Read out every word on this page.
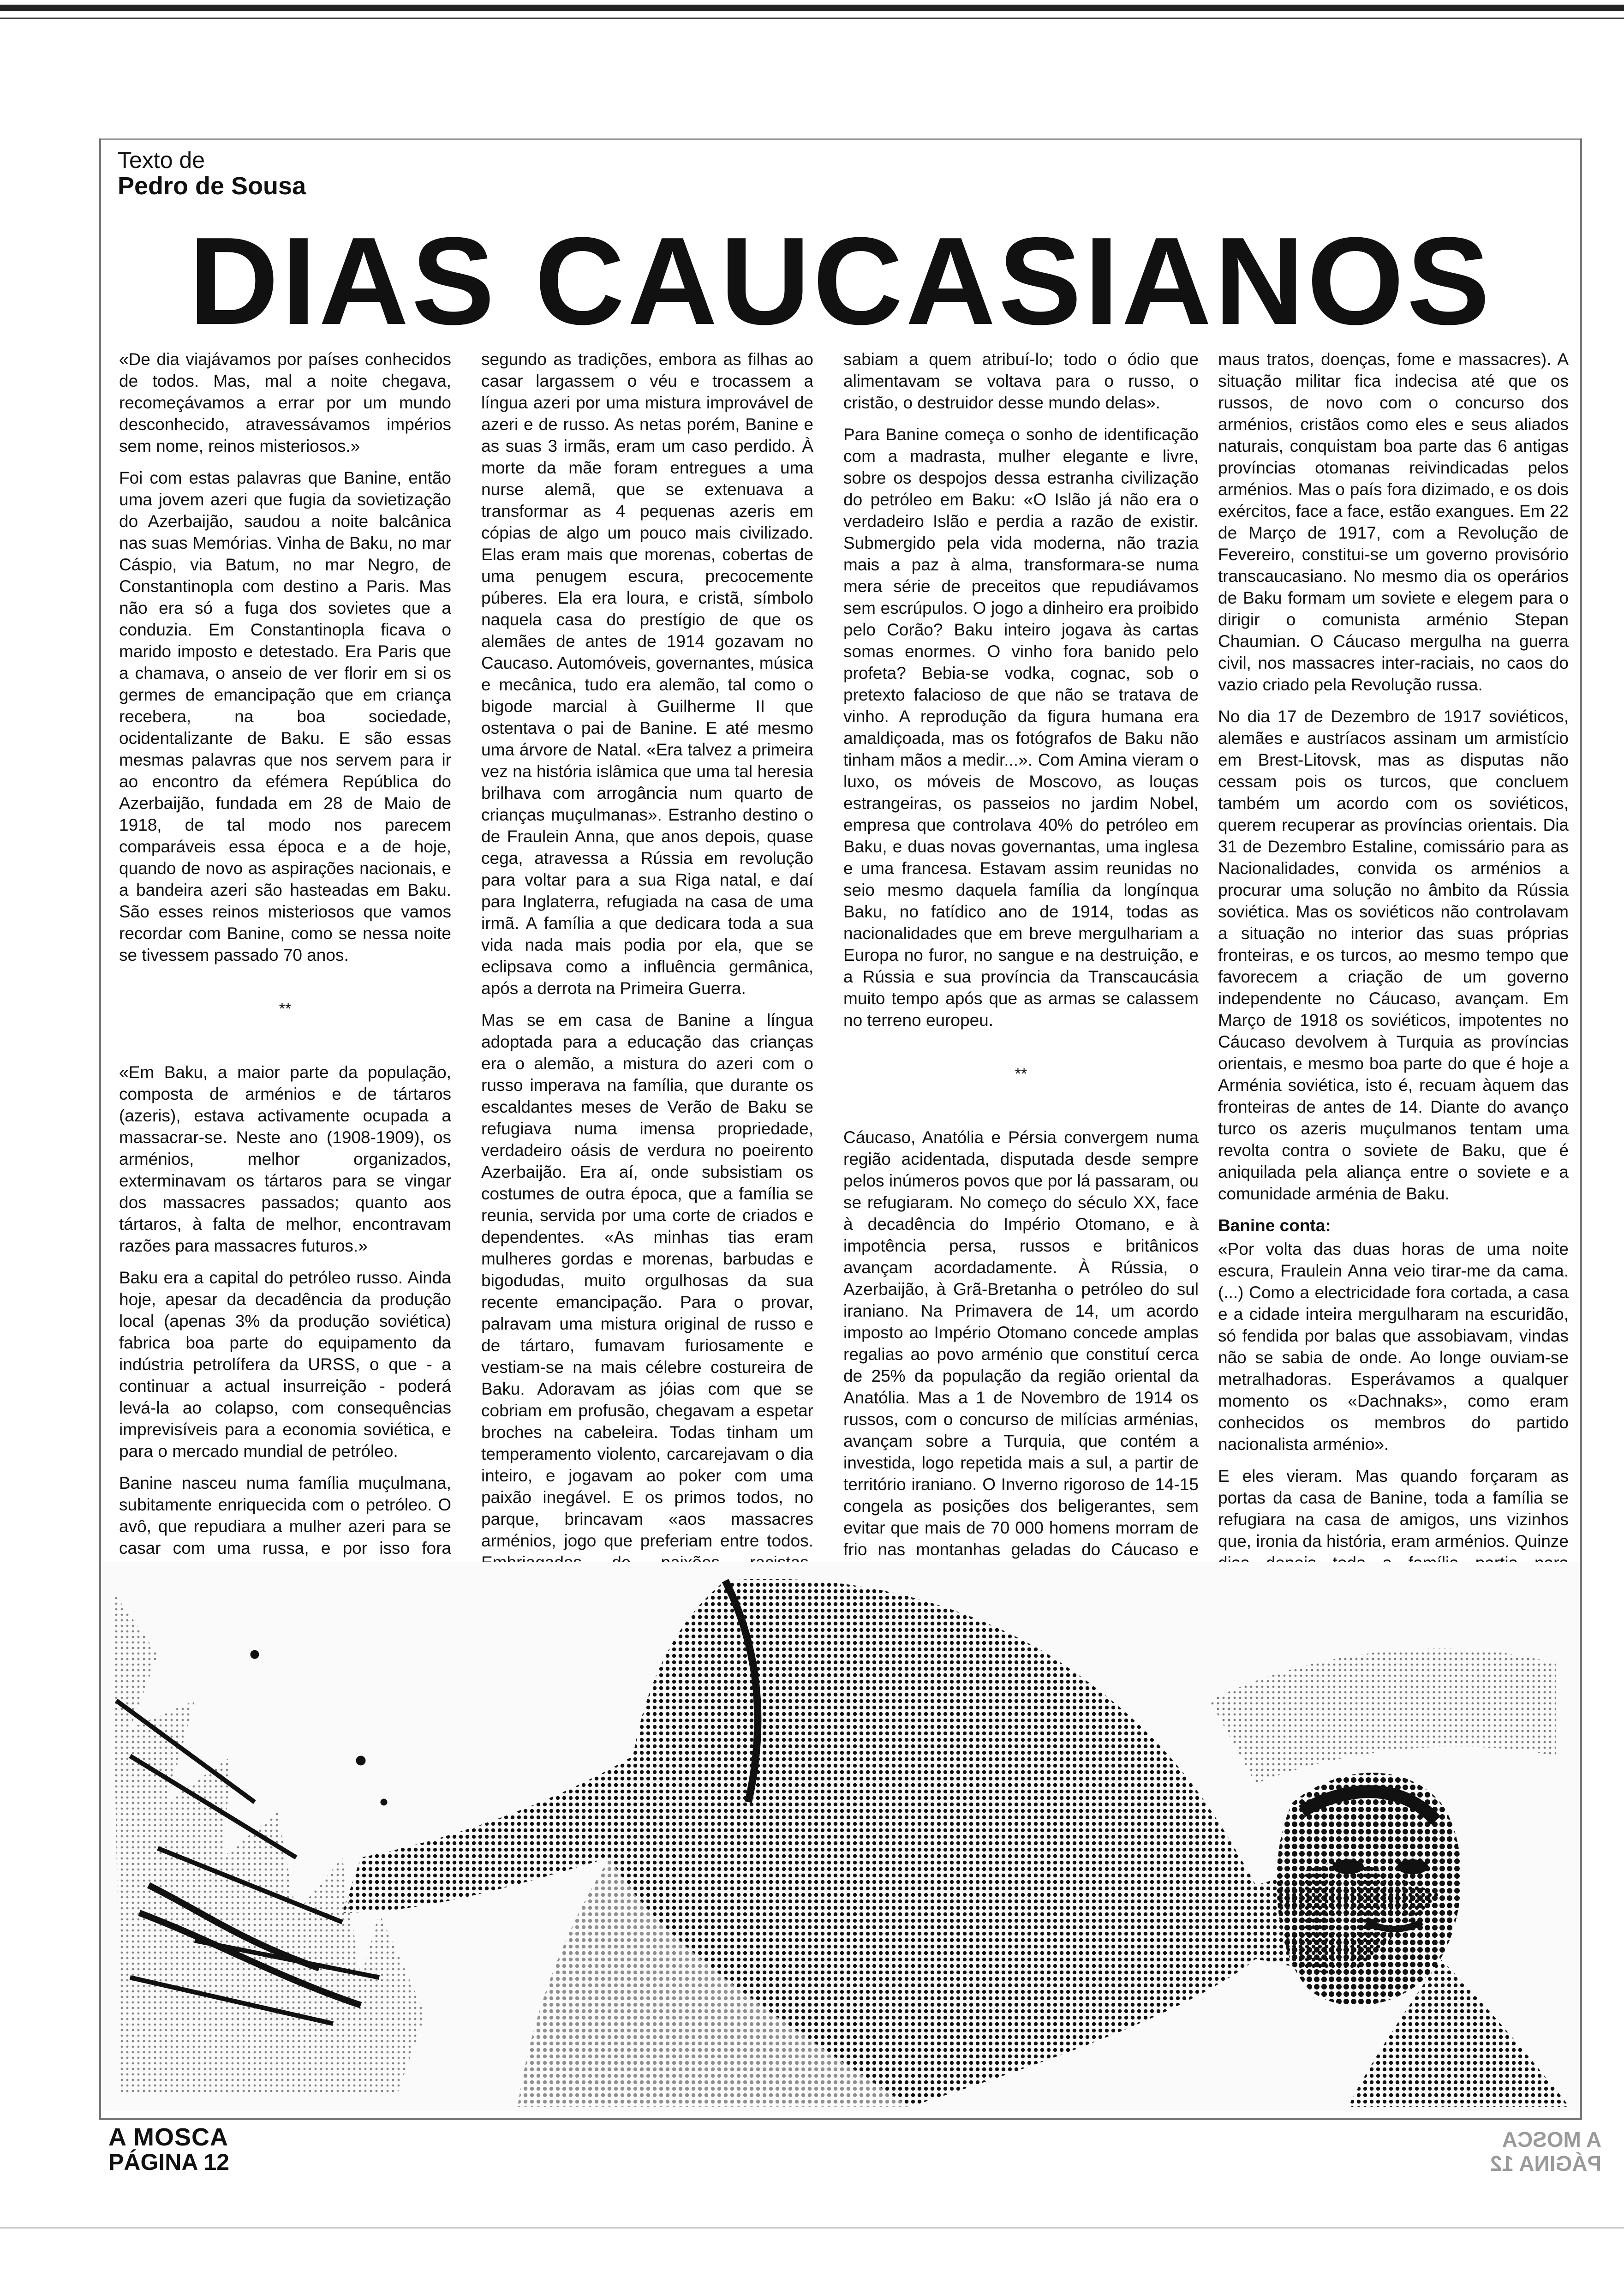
Texto de
Pedro de Sousa
DIAS CAUCASIANOS

«De dia viajávamos por países conhecidos de todos. Mas, mal a noite chegava, recomeçávamos a errar por um mundo desconhecido, atravessávamos impérios sem nome, reinos misteriosos.»

Foi com estas palavras que Banine, então uma jovem azeri que fugia da sovietização do Azerbaijão, saudou a noite balcânica nas suas Memórias. Vinha de Baku, no mar Cáspio, via Batum, no mar Negro, de Constantinopla com destino a Paris. Mas não era só a fuga dos sovietes que a conduzia. Em Constantinopla ficava o marido imposto e detestado. Era Paris que a chamava, o anseio de ver florir em si os germes de emancipação que em criança recebera, na boa sociedade, ocidentalizante de Baku. E são essas mesmas palavras que nos servem para ir ao encontro da efémera República do Azerbaijão, fundada em 28 de Maio de 1918, de tal modo nos parecem comparáveis essa época e a de hoje, quando de novo as aspirações nacionais, e a bandeira azeri são hasteadas em Baku. São esses reinos misteriosos que vamos recordar com Banine, como se nessa noite se tivessem passado 70 anos.

**

«Em Baku, a maior parte da população, composta de arménios e de tártaros (azeris), estava activamente ocupada a massacrar-se. Neste ano (1908-1909), os arménios, melhor organizados, exterminavam os tártaros para se vingar dos massacres passados; quanto aos tártaros, à falta de melhor, encontravam razões para massacres futuros.»

Baku era a capital do petróleo russo. Ainda hoje, apesar da decadência da produção local (apenas 3% da produção soviética) fabrica boa parte do equipamento da indústria petrolífera da URSS, o que - a continuar a actual insurreição - poderá levá-la ao colapso, com consequências imprevisíveis para a economia soviética, e para o mercado mundial de petróleo.

Banine nasceu numa família muçulmana, subitamente enriquecida com o petróleo. O avô, que repudiara a mulher azeri para se casar com uma russa, e por isso fora

segundo as tradições, embora as filhas ao casar largassem o véu e trocassem a língua azeri por uma mistura improvável de azeri e de russo. As netas porém, Banine e as suas 3 irmãs, eram um caso perdido. À morte da mãe foram entregues a uma nurse alemã, que se extenuava a transformar as 4 pequenas azeris em cópias de algo um pouco mais civilizado. Elas eram mais que morenas, cobertas de uma penugem escura, precocemente púberes. Ela era loura, e cristã, símbolo naquela casa do prestígio de que os alemães de antes de 1914 gozavam no Caucaso. Automóveis, governantes, música e mecânica, tudo era alemão, tal como o bigode marcial à Guilherme II que ostentava o pai de Banine. E até mesmo uma árvore de Natal. «Era talvez a primeira vez na história islâmica que uma tal heresia brilhava com arrogância num quarto de crianças muçulmanas». Estranho destino o de Fraulein Anna, que anos depois, quase cega, atravessa a Rússia em revolução para voltar para a sua Riga natal, e daí para Inglaterra, refugiada na casa de uma irmã. A família a que dedicara toda a sua vida nada mais podia por ela, que se eclipsava como a influência germânica, após a derrota na Primeira Guerra.

Mas se em casa de Banine a língua adoptada para a educação das crianças era o alemão, a mistura do azeri com o russo imperava na família, que durante os escaldantes meses de Verão de Baku se refugiava numa imensa propriedade, verdadeiro oásis de verdura no poeirento Azerbaijão. Era aí, onde subsistiam os costumes de outra época, que a família se reunia, servida por uma corte de criados e dependentes. «As minhas tias eram mulheres gordas e morenas, barbudas e bigodudas, muito orgulhosas da sua recente emancipação. Para o provar, palravam uma mistura original de russo e de tártaro, fumavam furiosamente e vestiam-se na mais célebre costureira de Baku. Adoravam as jóias com que se cobriam em profusão, chegavam a espetar broches na cabeleira. Todas tinham um temperamento violento, carcarejavam o dia inteiro, e jogavam ao poker com uma paixão inegável. E os primos todos, no parque, brincavam «aos massacres arménios, jogo que preferiam entre todos.

sabiam a quem atribuí-lo; todo o ódio que alimentavam se voltava para o russo, o cristão, o destruidor desse mundo delas».

Para Banine começa o sonho de identificação com a madrasta, mulher elegante e livre, sobre os despojos dessa estranha civilização do petróleo em Baku: «O Islão já não era o verdadeiro Islão e perdia a razão de existir. Submergido pela vida moderna, não trazia mais a paz à alma, transformara-se numa mera série de preceitos que repudiávamos sem escrúpulos. O jogo a dinheiro era proibido pelo Corão? Baku inteiro jogava às cartas somas enormes. O vinho fora banido pelo profeta? Bebia-se vodka, cognac, sob o pretexto falacioso de que não se tratava de vinho. A reprodução da figura humana era amaldiçoada, mas os fotógrafos de Baku não tinham mãos a medir...». Com Amina vieram o luxo, os móveis de Moscovo, as louças estrangeiras, os passeios no jardim Nobel, empresa que controlava 40% do petróleo em Baku, e duas novas governantas, uma inglesa e uma francesa. Estavam assim reunidas no seio mesmo daquela família da longínqua Baku, no fatídico ano de 1914, todas as nacionalidades que em breve mergulhariam a Europa no furor, no sangue e na destruição, e a Rússia e sua província da Transcaucásia muito tempo após que as armas se calassem no terreno europeu.

**

Cáucaso, Anatólia e Pérsia convergem numa região acidentada, disputada desde sempre pelos inúmeros povos que por lá passaram, ou se refugiaram. No começo do século XX, face à decadência do Império Otomano, e à impotência persa, russos e britânicos avançam acordadamente. À Rússia, o Azerbaijão, à Grã-Bretanha o petróleo do sul iraniano. Na Primavera de 14, um acordo imposto ao Império Otomano concede amplas regalias ao povo arménio que constituí cerca de 25% da população da região oriental da Anatólia. Mas a 1 de Novembro de 1914 os russos, com o concurso de milícias arménias, avançam sobre a Turquia, que contém a investida, logo repetida mais a sul, a partir de território iraniano. O Inverno rigoroso de 14-15 congela as posições dos beligerantes, sem evitar que mais de 70 000 homens morram de frio nas montanhas geladas do Cáucaso e

maus tratos, doenças, fome e massacres). A situação militar fica indecisa até que os russos, de novo com o concurso dos arménios, cristãos como eles e seus aliados naturais, conquistam boa parte das 6 antigas províncias otomanas reivindicadas pelos arménios. Mas o país fora dizimado, e os dois exércitos, face a face, estão exangues. Em 22 de Março de 1917, com a Revolução de Fevereiro, constitui-se um governo provisório transcaucasiano. No mesmo dia os operários de Baku formam um soviete e elegem para o dirigir o comunista arménio Stepan Chaumian. O Cáucaso mergulha na guerra civil, nos massacres inter-raciais, no caos do vazio criado pela Revolução russa.

No dia 17 de Dezembro de 1917 soviéticos, alemães e austríacos assinam um armistício em Brest-Litovsk, mas as disputas não cessam pois os turcos, que concluem também um acordo com os soviéticos, querem recuperar as províncias orientais. Dia 31 de Dezembro Estaline, comissário para as Nacionalidades, convida os arménios a procurar uma solução no âmbito da Rússia soviética. Mas os soviéticos não controlavam a situação no interior das suas próprias fronteiras, e os turcos, ao mesmo tempo que favorecem a criação de um governo independente no Cáucaso, avançam. Em Março de 1918 os soviéticos, impotentes no Cáucaso devolvem à Turquia as províncias orientais, e mesmo boa parte do que é hoje a Arménia soviética, isto é, recuam àquem das fronteiras de antes de 14. Diante do avanço turco os azeris muçulmanos tentam uma revolta contra o soviete de Baku, que é aniquilada pela aliança entre o soviete e a comunidade arménia de Baku.

Banine conta:

«Por volta das duas horas de uma noite escura, Fraulein Anna veio tirar-me da cama. (...) Como a electricidade fora cortada, a casa e a cidade inteira mergulharam na escuridão, só fendida por balas que assobiavam, vindas não se sabia de onde. Ao longe ouviam-se metralhadoras. Esperávamos a qualquer momento os «Dachnaks», como eram conhecidos os membros do partido nacionalista arménio».

E eles vieram. Mas quando forçaram as portas da casa de Banine, toda a família se refugiara na casa de amigos, uns vizinhos que, ironia da história, eram arménios. Quinze

A MOSCA
PÁGINA 12
A MOSCA
PÁGINA 12
